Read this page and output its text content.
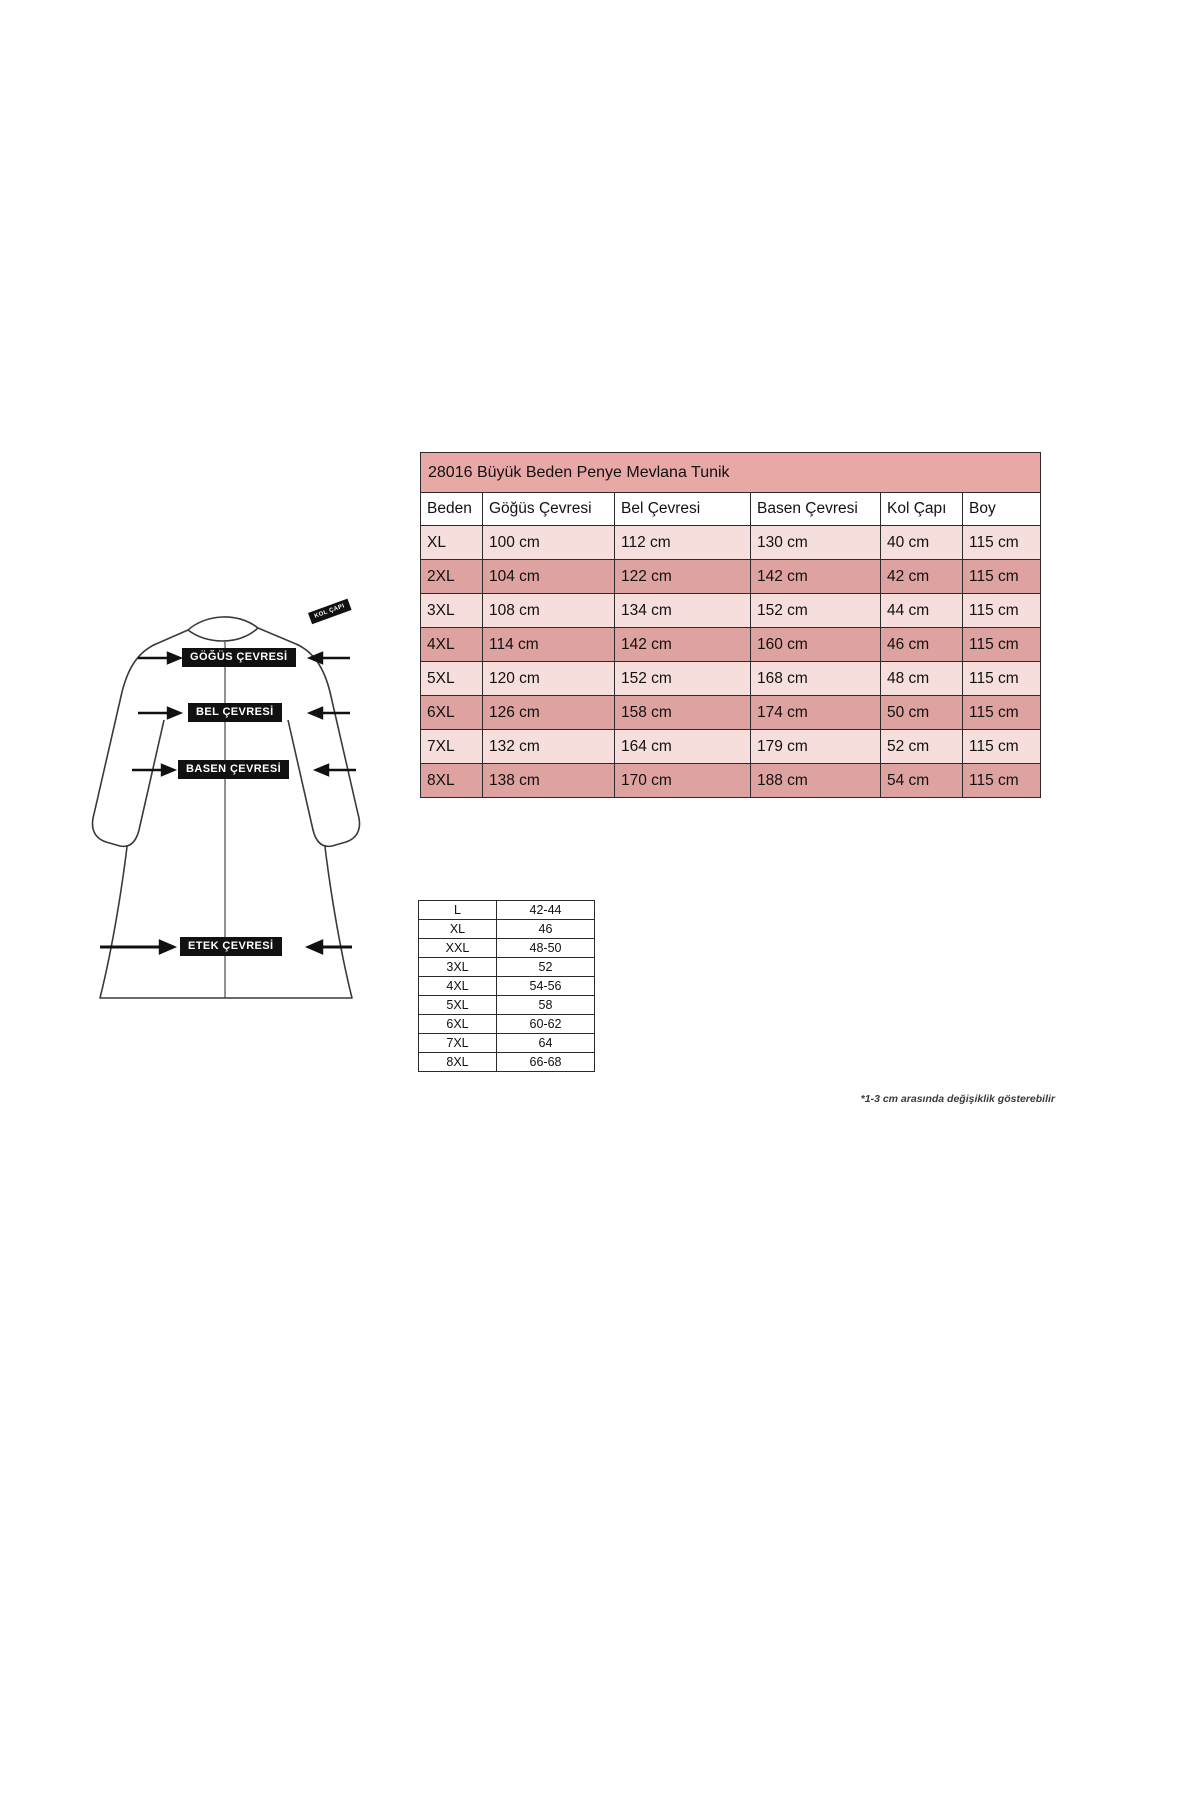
GÖĞÜS ÇEVRESİ
BEL ÇEVRESİ
BASEN ÇEVRESİ
ETEK ÇEVRESİ
KOL ÇAPI
28016 Büyük Beden Penye Mevlana Tunik					
Beden	Göğüs Çevresi	Bel Çevresi	Basen Çevresi	Kol Çapı	Boy
XL	100 cm	112 cm	130 cm	40 cm	115 cm
2XL	104 cm	122 cm	142 cm	42 cm	115 cm
3XL	108 cm	134 cm	152 cm	44 cm	115 cm
4XL	114 cm	142 cm	160 cm	46 cm	115 cm
5XL	120 cm	152 cm	168 cm	48 cm	115 cm
6XL	126 cm	158 cm	174 cm	50 cm	115 cm
7XL	132 cm	164 cm	179 cm	52 cm	115 cm
8XL	138 cm	170 cm	188 cm	54 cm	115 cm
L	42-44
XL	46
XXL	48-50
3XL	52
4XL	54-56
5XL	58
6XL	60-62
7XL	64
8XL	66-68
*1-3 cm arasında değişiklik gösterebilir
